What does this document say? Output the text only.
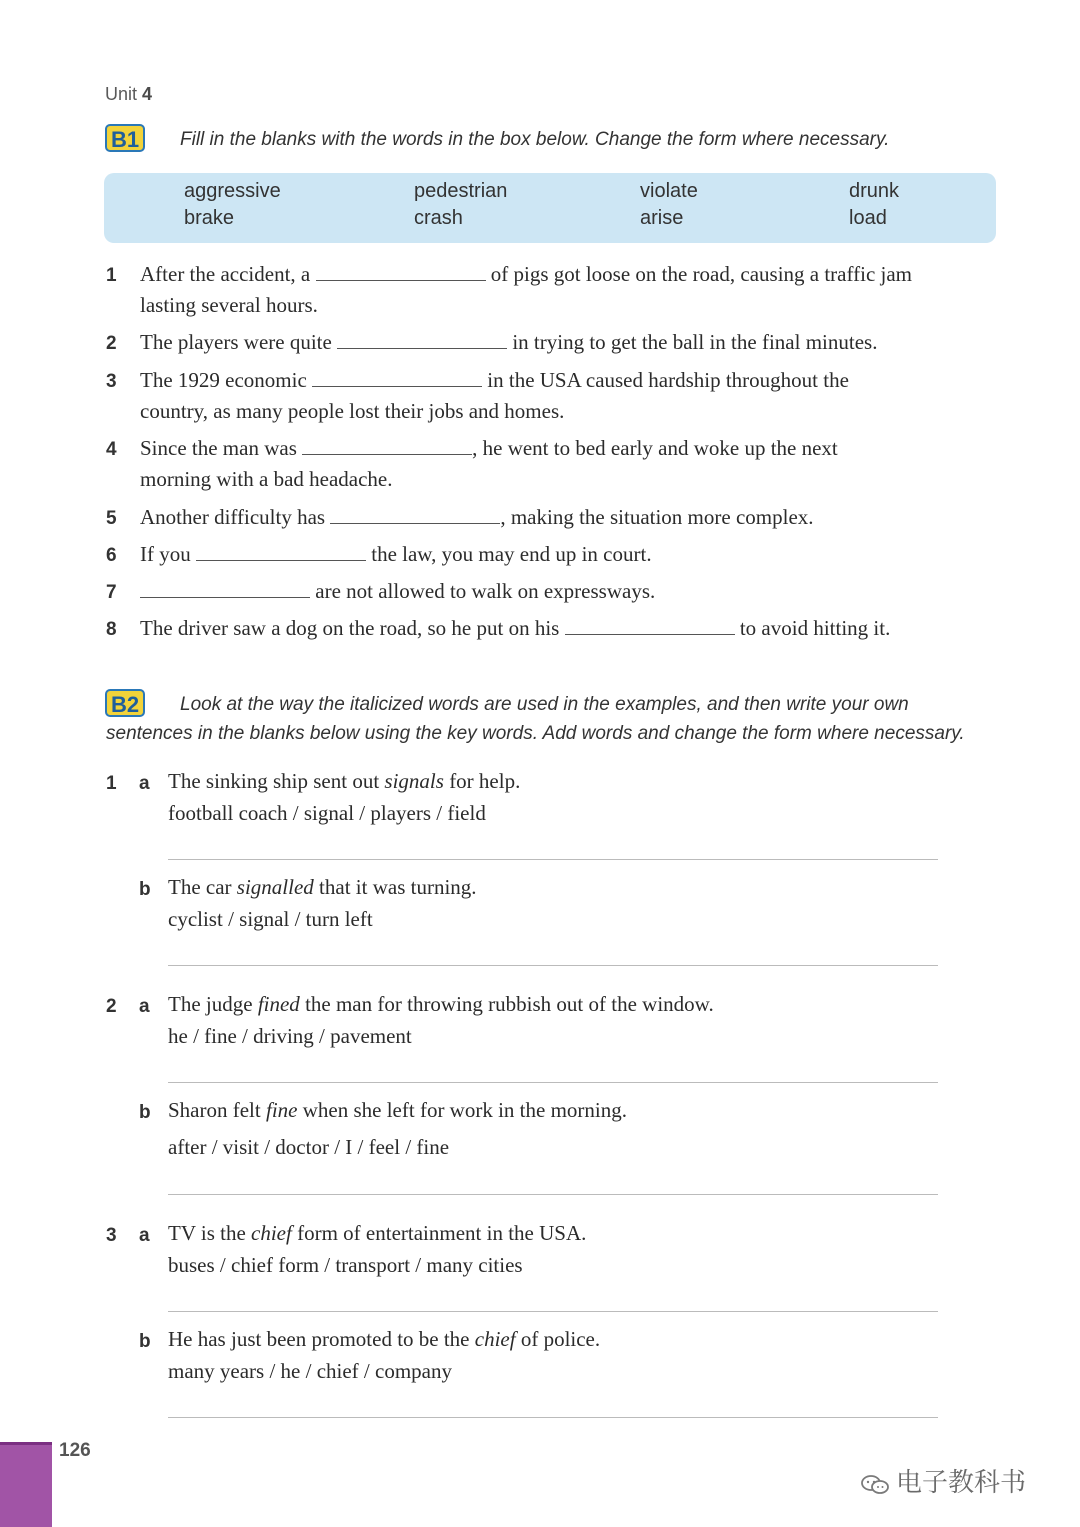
Unit 4
B1	Fill in the blanks with the words in the box below. Change the form where necessary.
aggressive	pedestrian	violate	drunk
brake	crash	arise	load
1 After the accident, a	of pigs got loose on the road, causing a traffic jam
lasting several hours.
2 The players were quite	in trying to get the ball in the final minutes.
3 The 1929 economic	in the USA caused hardship throughout the
country, as many people lost their jobs and homes.
4 Since the man was	, he went to bed early and woke up the next
morning with a bad headache.
5 Another difficulty has	, making the situation more complex.
6 If you	the law, you may end up in court.
7	are not allowed to walk on expressways.
8 The driver saw a dog on the road, so he put on his	to avoid hitting it.
B2	Look at the way the italicized words are used in the examples, and then write your own
sentences in the blanks below using the key words. Add words and change the form where necessary.
1 a The sinking ship sent out signals for help.
football coach / signal / players / field
b The car signalled that it was turning.
cyclist / signal / turn left
2 a The judge fined the man for throwing rubbish out of the window.
he / fine / driving / pavement
b Sharon felt fine when she left for work in the morning.
after / visit / doctor / I / feel / fine
3 a TV is the chief form of entertainment in the USA.
buses / chief form / transport / many cities
b He has just been promoted to be the chief of police.
many years / he / chief / company
126
电子教科书
